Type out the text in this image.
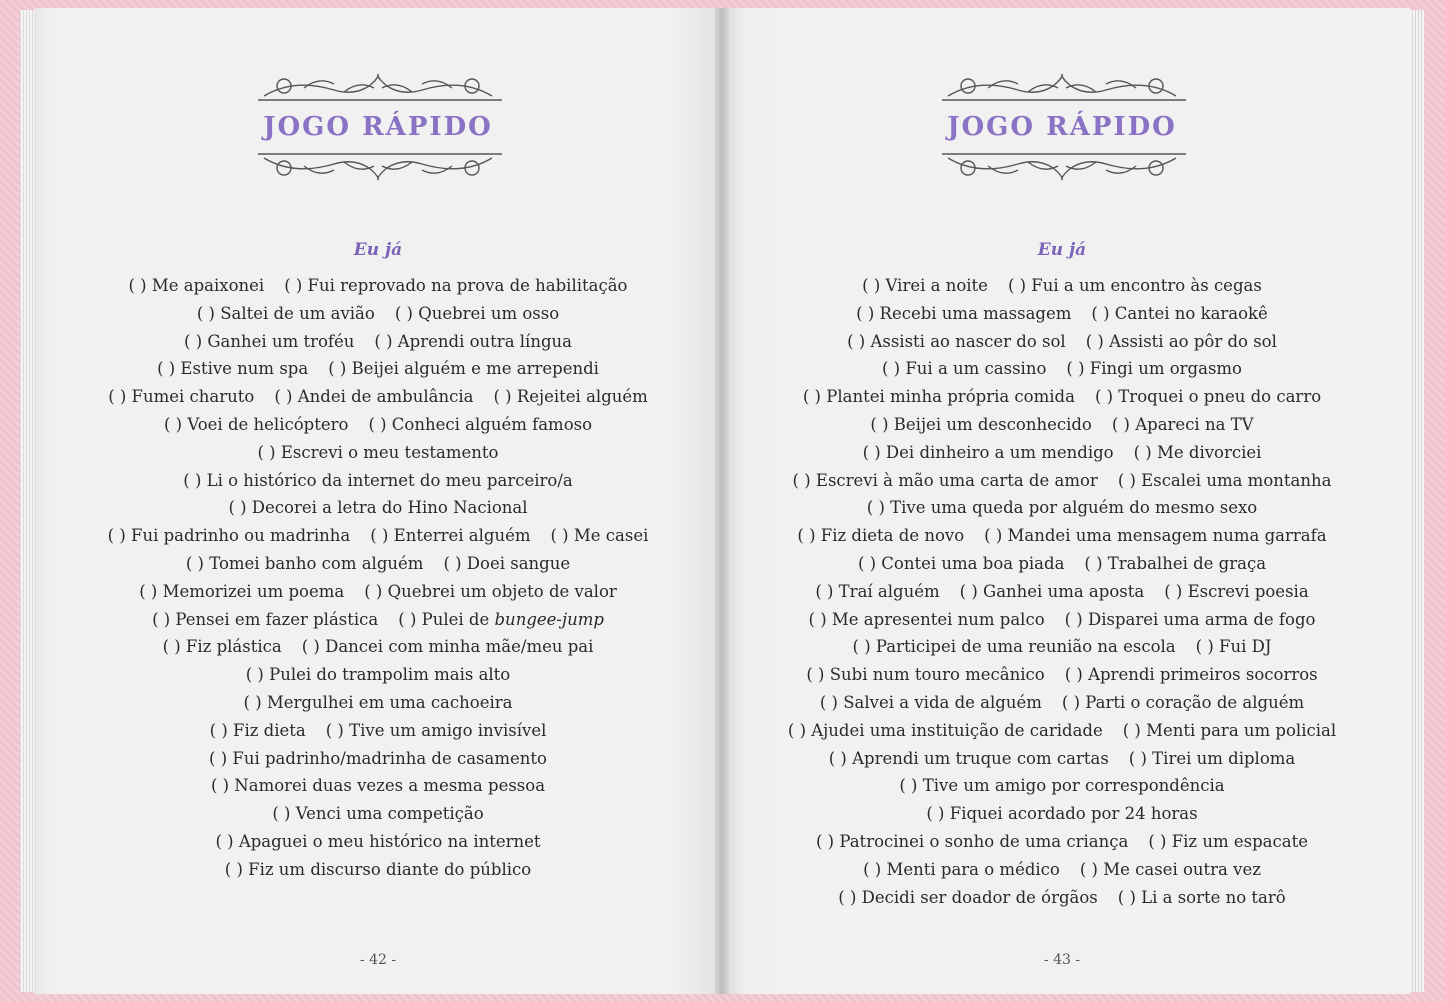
JOGO RÁPIDO
Eu já
( ) Me apaixonei ( ) Fui reprovado na prova de habilitação
( ) Saltei de um avião ( ) Quebrei um osso
( ) Ganhei um troféu ( ) Aprendi outra língua
( ) Estive num spa ( ) Beijei alguém e me arrependi
( ) Fumei charuto ( ) Andei de ambulância ( ) Rejeitei alguém
( ) Voei de helicóptero ( ) Conheci alguém famoso
( ) Escrevi o meu testamento
( ) Li o histórico da internet do meu parceiro/a
( ) Decorei a letra do Hino Nacional
( ) Fui padrinho ou madrinha ( ) Enterrei alguém ( ) Me casei
( ) Tomei banho com alguém ( ) Doei sangue
( ) Memorizei um poema ( ) Quebrei um objeto de valor
( ) Pensei em fazer plástica ( ) Pulei de bungee-jump
( ) Fiz plástica ( ) Dancei com minha mãe/meu pai
( ) Pulei do trampolim mais alto
( ) Mergulhei em uma cachoeira
( ) Fiz dieta ( ) Tive um amigo invisível
( ) Fui padrinho/madrinha de casamento
( ) Namorei duas vezes a mesma pessoa
( ) Venci uma competição
( ) Apaguei o meu histórico na internet
( ) Fiz um discurso diante do público
- 42 -
JOGO RÁPIDO
Eu já
( ) Virei a noite ( ) Fui a um encontro às cegas
( ) Recebi uma massagem ( ) Cantei no karaokê
( ) Assisti ao nascer do sol ( ) Assisti ao pôr do sol
( ) Fui a um cassino ( ) Fingi um orgasmo
( ) Plantei minha própria comida ( ) Troquei o pneu do carro
( ) Beijei um desconhecido ( ) Apareci na TV
( ) Dei dinheiro a um mendigo ( ) Me divorciei
( ) Escrevi à mão uma carta de amor ( ) Escalei uma montanha
( ) Tive uma queda por alguém do mesmo sexo
( ) Fiz dieta de novo ( ) Mandei uma mensagem numa garrafa
( ) Contei uma boa piada ( ) Trabalhei de graça
( ) Traí alguém ( ) Ganhei uma aposta ( ) Escrevi poesia
( ) Me apresentei num palco ( ) Disparei uma arma de fogo
( ) Participei de uma reunião na escola ( ) Fui DJ
( ) Subi num touro mecânico ( ) Aprendi primeiros socorros
( ) Salvei a vida de alguém ( ) Parti o coração de alguém
( ) Ajudei uma instituição de caridade ( ) Menti para um policial
( ) Aprendi um truque com cartas ( ) Tirei um diploma
( ) Tive um amigo por correspondência
( ) Fiquei acordado por 24 horas
( ) Patrocinei o sonho de uma criança ( ) Fiz um espacate
( ) Menti para o médico ( ) Me casei outra vez
( ) Decidi ser doador de órgãos ( ) Li a sorte no tarô
- 43 -
